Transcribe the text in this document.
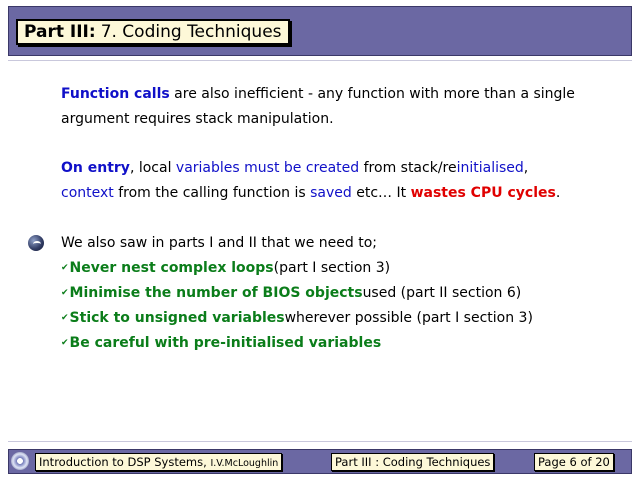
Part III: 7. Coding Techniques
Function calls are also inefficient - any function with more than a single
argument requires stack manipulation.
On entry, local variables must be created from stack/reinitialised,
context from the calling function is saved etc… It wastes CPU cycles.
We also saw in parts I and II that we need to;
✔ Never nest complex loops (part I section 3)
✔ Minimise the number of BIOS objects used (part II section 6)
✔ Stick to unsigned variables wherever possible (part I section 3)
✔ Be careful with pre-initialised variables
Introduction to DSP Systems, I.V.McLoughlin	Part III : Coding Techniques	Page 6 of 20
